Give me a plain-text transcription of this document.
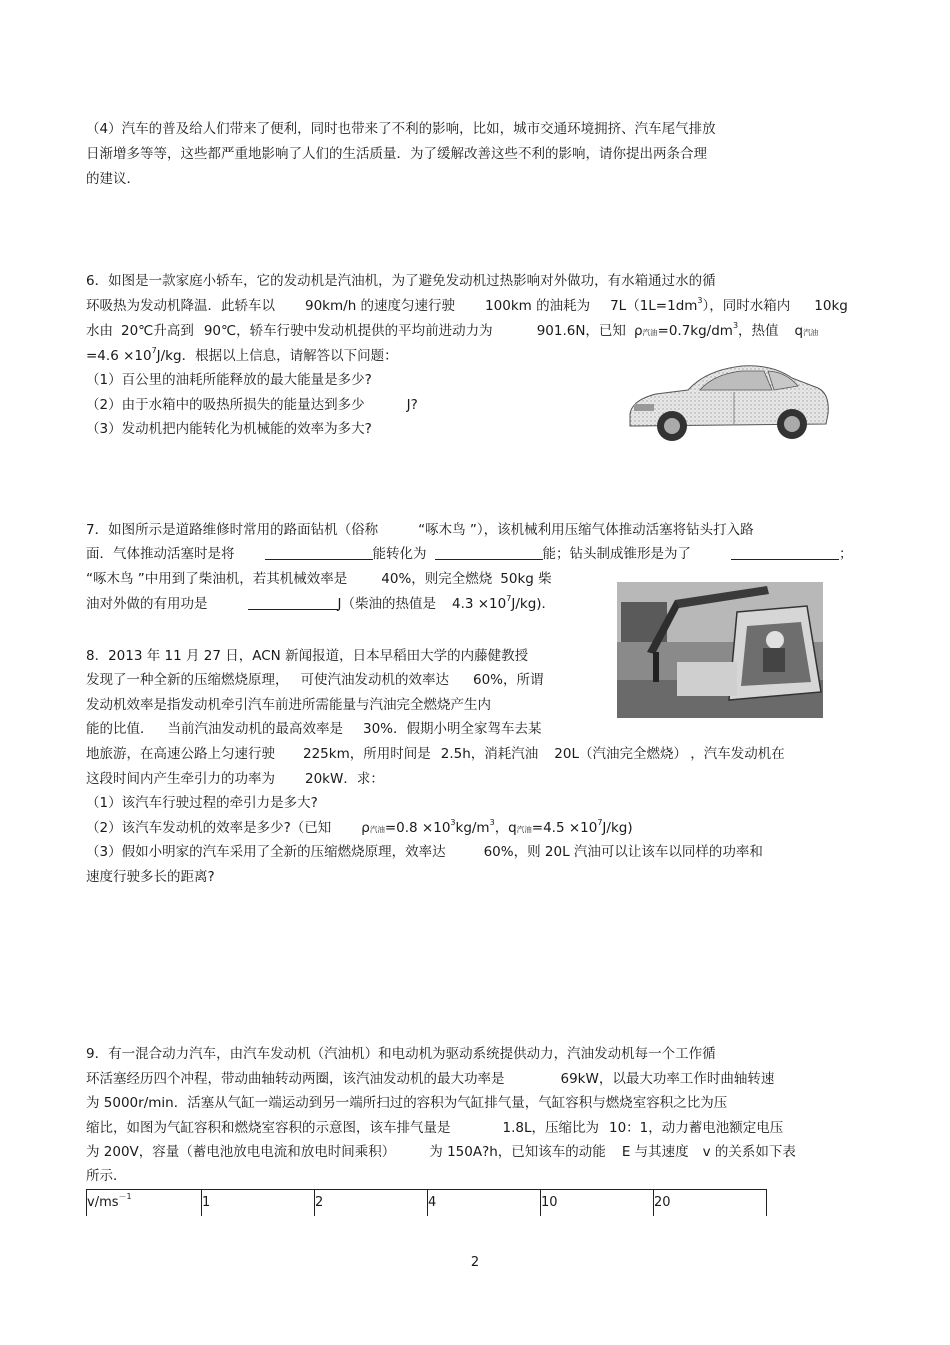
（4）汽车的普及给人们带来了便利，同时也带来了不利的影响，比如，城市交通环境拥挤、汽车尾气排放
日渐增多等等，这些都严重地影响了人们的生活质量．为了缓解改善这些不利的影响，请你提出两条合理
的建议．
6．如图是一款家庭小轿车，它的发动机是汽油机，为了避免发动机过热影响对外做功，有水箱通过水的循
环吸热为发动机降温．此轿车以 90km/h 的速度匀速行驶 100km 的油耗为 $7L(1L=1dm^3)$，同时水箱内 10kg
水由 20℃升高到 90℃，轿车行驶中发动机提供的平均前进动力为	901.6N，已知 ρ汽油$=0.7kg/dm^3$，热值 q汽油
$=4.6 \times 10^7J/kg$．根据以上信息，请解答以下问题：
（1）百公里的油耗所能释放的最大能量是多少?
（2）由于水箱中的吸热所损失的能量达到多少	J?
（3）发动机把内能转化为机械能的效率为多大?
7．如图所示是道路维修时常用的路面钻机（俗称	“啄木鸟 ”），该机械利用压缩气体推动活塞将钻头打入路
面．气体推动活塞时是将	能转化为	能；钻头制成锥形是为了	；
“啄木鸟 ”中用到了柴油机，若其机械效率是	40%，则完全燃烧 50kg 柴
油对外做的有用功是	J（柴油的热值是 $4.3 \times 10^7J/kg$)．
8．2013 年 11 月 27 日，ACN 新闻报道，日本早稻田大学的内藤健教授
发现了一种全新的压缩燃烧原理， 可使汽油发动机的效率达 60%，所谓
发动机效率是指发动机牵引汽车前进所需能量与汽油完全燃烧产生内
能的比值． 当前汽油发动机的最高效率是 30%．假期小明全家驾车去某
地旅游，在高速公路上匀速行驶 225km，所用时间是 2.5h，消耗汽油 20L（汽油完全燃烧） ，汽车发动机在
这段时间内产生牵引力的功率为 20kW．求：
（1）该汽车行驶过程的牵引力是多大?
（2）该汽车发动机的效率是多少?（已知 ρ汽油$=0.8 \times 10^3kg/m^3$，q汽油$=4.5 \times 10^7J/kg$)
（3）假如小明家的汽车采用了全新的压缩燃烧原理，效率达	60%，则 20L 汽油可以让该车以同样的功率和
速度行驶多长的距离?
9．有一混合动力汽车，由汽车发动机（汽油机）和电动机为驱动系统提供动力，汽油发动机每一个工作循
环活塞经历四个冲程，带动曲轴转动两圈，该汽油发动机的最大功率是	69kW，以最大功率工作时曲轴转速
为 5000r/min．活塞从气缸一端运动到另一端所扫过的容积为气缸排气量，气缸容积与燃烧室容积之比为压
缩比，如图为气缸容积和燃烧室容积的示意图，该车排气量是	1.8L，压缩比为 10：1，动力蓄电池额定电压
为 200V，容量（蓄电池放电电流和放电时间乘积）	为 150A?h，已知该车的动能 E 与其速度 v 的关系如下表
所示．
$v/ms^{-1}$	1	2	4	10	20
2
